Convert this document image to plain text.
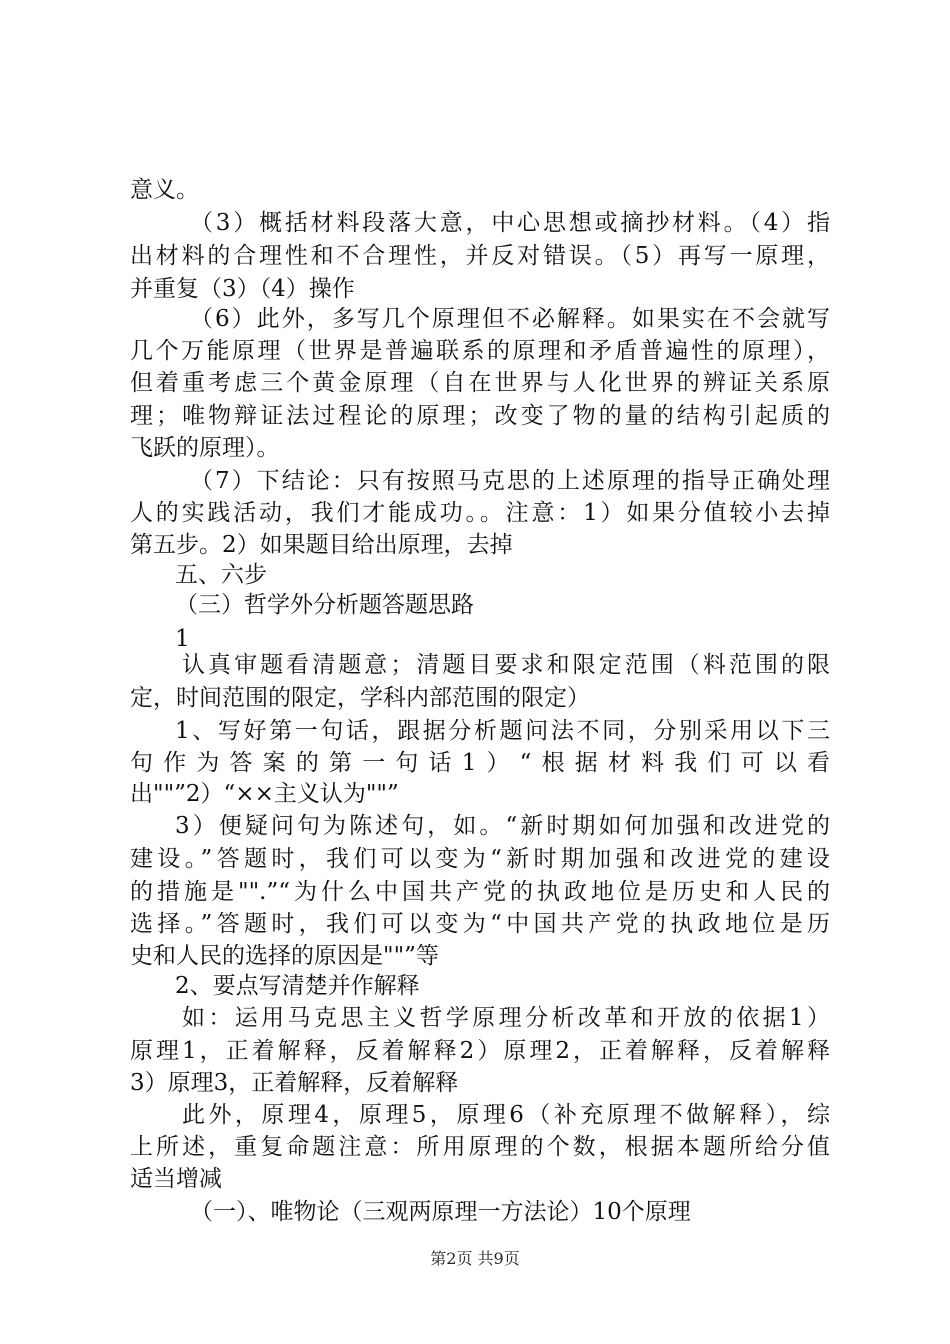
意义。
（3）概括材料段落大意，中心思想或摘抄材料。（4）指
出材料的合理性和不合理性，并反对错误。（5）再写一原理，
并重复（3）（4）操作
（6）此外，多写几个原理但不必解释。如果实在不会就写
几个万能原理（世界是普遍联系的原理和矛盾普遍性的原理），
但着重考虑三个黄金原理（自在世界与人化世界的辨证关系原
理；唯物辩证法过程论的原理；改变了物的量的结构引起质的
飞跃的原理）。
（7）下结论：只有按照马克思的上述原理的指导正确处理
人的实践活动，我们才能成功。。注意：1）如果分值较小去掉
第五步。2）如果题目给出原理，去掉
五、六步
（三）哲学外分析题答题思路
1
认真审题看清题意；清题目要求和限定范围（料范围的限
定，时间范围的限定，学科内部范围的限定）
1、写好第一句话，跟据分析题问法不同，分别采用以下三
句作为答案的第一句话1）“根据材料我们可以看
出""”2）“××主义认为""”
3）便疑问句为陈述句，如。“新时期如何加强和改进党的
建设。”答题时，我们可以变为“新时期加强和改进党的建设
的措施是"".”“为什么中国共产党的执政地位是历史和人民的
选择。”答题时，我们可以变为“中国共产党的执政地位是历
史和人民的选择的原因是""”等
2、要点写清楚并作解释
如：运用马克思主义哲学原理分析改革和开放的依据1）
原理1，正着解释，反着解释2）原理2，正着解释，反着解释
3）原理3，正着解释，反着解释
此外，原理4，原理5，原理6（补充原理不做解释），综
上所述，重复命题注意：所用原理的个数，根据本题所给分值
适当增减
（一）、唯物论（三观两原理一方法论）10个原理
第2页 共9页
